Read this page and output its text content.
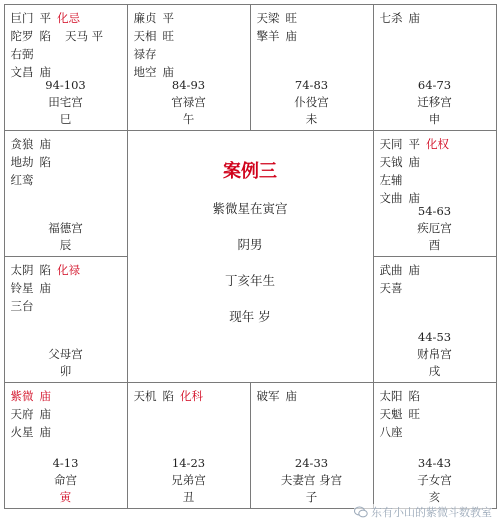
巨门 平 化忌
陀罗 陷 天马 平
右弼
文昌 庙
94-103
田宅宫
巳
廉贞 平
天相 旺
禄存
地空 庙
84-93
官禄宫
午
天梁 旺
擎羊 庙
74-83
仆役宫
未
七杀 庙
64-73
迁移宫
申
贪狼 庙
地劫 陷
红鸾

福德宫
辰
案例三
紫微星在寅宫
阴男
丁亥年生
现年 岁
天同 平 化权
天钺 庙
左辅
文曲 庙
54-63
疾厄宫
酉
太阴 陷 化禄
铃星 庙
三台

父母宫
卯
武曲 庙
天喜
44-53
财帛宫
戌
紫微 庙
天府 庙
火星 庙
4-13
命宫
寅
天机 陷 化科
14-23
兄弟宫
丑
破军 庙
24-33
夫妻宫 身宫
子
太阳 陷
天魁 旺
八座
34-43
子女宫
亥
东有小山的紫微斗数教室
